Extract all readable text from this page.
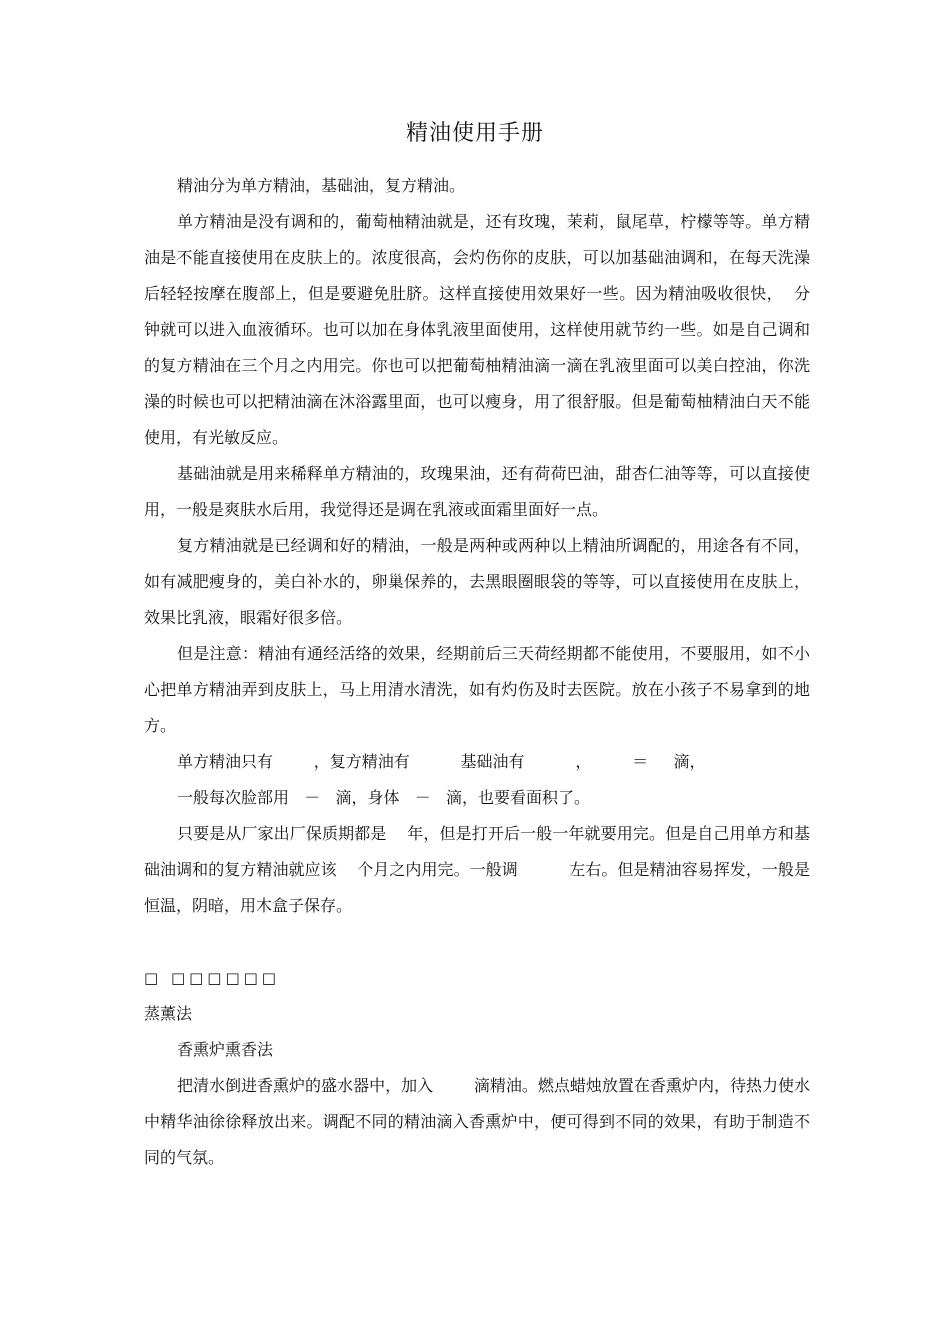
精油使用手册

精油分为单方精油，基础油，复方精油。

单方精油是没有调和的，葡萄柚精油就是，还有玫瑰，茉莉，鼠尾草，柠檬等等。单方精油是不能直接使用在皮肤上的。浓度很高，会灼伤你的皮肤，可以加基础油调和，在每天洗澡后轻轻按摩在腹部上，但是要避免肚脐。这样直接使用效果好一些。因为精油吸收很快，  分钟就可以进入血液循环。也可以加在身体乳液里面使用，这样使用就节约一些。如是自己调和的复方精油在三个月之内用完。你也可以把葡萄柚精油滴一滴在乳液里面可以美白控油，你洗澡的时候也可以把精油滴在沐浴露里面，也可以瘦身，用了很舒服。但是葡萄柚精油白天不能使用，有光敏反应。

基础油就是用来稀释单方精油的，玫瑰果油，还有荷荷巴油，甜杏仁油等等，可以直接使用，一般是爽肤水后用，我觉得还是调在乳液或面霜里面好一点。

复方精油就是已经调和好的精油，一般是两种或两种以上精油所调配的，用途各有不同，如有减肥瘦身的，美白补水的，卵巢保养的，去黑眼圈眼袋的等等，可以直接使用在皮肤上，效果比乳液，眼霜好很多倍。

但是注意：精油有通经活络的效果，经期前后三天荷经期都不能使用，不要服用，如不小心把单方精油弄到皮肤上，马上用清水清洗，如有灼伤及时去医院。放在小孩子不易拿到的地方。

单方精油只有        ，复方精油有          基础油有          ，        ＝     滴，

一般每次脸部用   －   滴，身体   －   滴，也要看面积了。

只要是从厂家出厂保质期都是    年，但是打开后一般一年就要用完。但是自己用单方和基础油调和的复方精油就应该    个月之内用完。一般调          左右。但是精油容易挥发，一般是恒温，阴暗，用木盒子保存。

□ □□□□□□

蒸薰法

香熏炉熏香法

把清水倒进香熏炉的盛水器中，加入        滴精油。燃点蜡烛放置在香熏炉内，待热力使水中精华油徐徐释放出来。调配不同的精油滴入香熏炉中，便可得到不同的效果，有助于制造不同的气氛。
